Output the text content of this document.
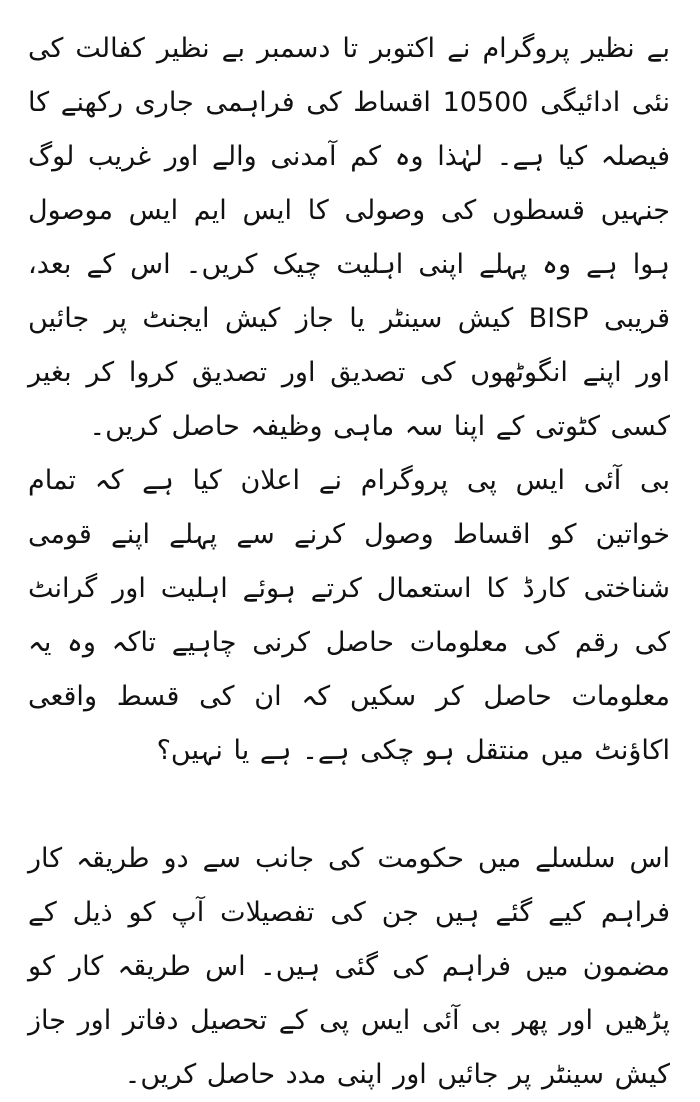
بے نظیر پروگرام نے اکتوبر تا دسمبر بے نظیر کفالت کی نئی ادائیگی 10500 اقساط کی فراہمی جاری رکھنے کا فیصلہ کیا ہے۔ لہٰذا وہ کم آمدنی والے اور غریب لوگ جنہیں قسطوں کی وصولی کا ایس ایم ایس موصول ہوا ہے وہ پہلے اپنی اہلیت چیک کریں۔ اس کے بعد، قریبی BISP کیش سینٹر یا جاز کیش ایجنٹ پر جائیں اور اپنے انگوٹھوں کی تصدیق اور تصدیق کروا کر بغیر کسی کٹوتی کے اپنا سہ ماہی وظیفہ حاصل کریں۔

بی آئی ایس پی پروگرام نے اعلان کیا ہے کہ تمام خواتین کو اقساط وصول کرنے سے پہلے اپنے قومی شناختی کارڈ کا استعمال کرتے ہوئے اہلیت اور گرانٹ کی رقم کی معلومات حاصل کرنی چاہیے تاکہ وہ یہ معلومات حاصل کر سکیں کہ ان کی قسط واقعی اکاؤنٹ میں منتقل ہو چکی ہے۔ ہے یا نہیں؟

اس سلسلے میں حکومت کی جانب سے دو طریقہ کار فراہم کیے گئے ہیں جن کی تفصیلات آپ کو ذیل کے مضمون میں فراہم کی گئی ہیں۔ اس طریقہ کار کو پڑھیں اور پھر بی آئی ایس پی کے تحصیل دفاتر اور جاز کیش سینٹر پر جائیں اور اپنی مدد حاصل کریں۔
